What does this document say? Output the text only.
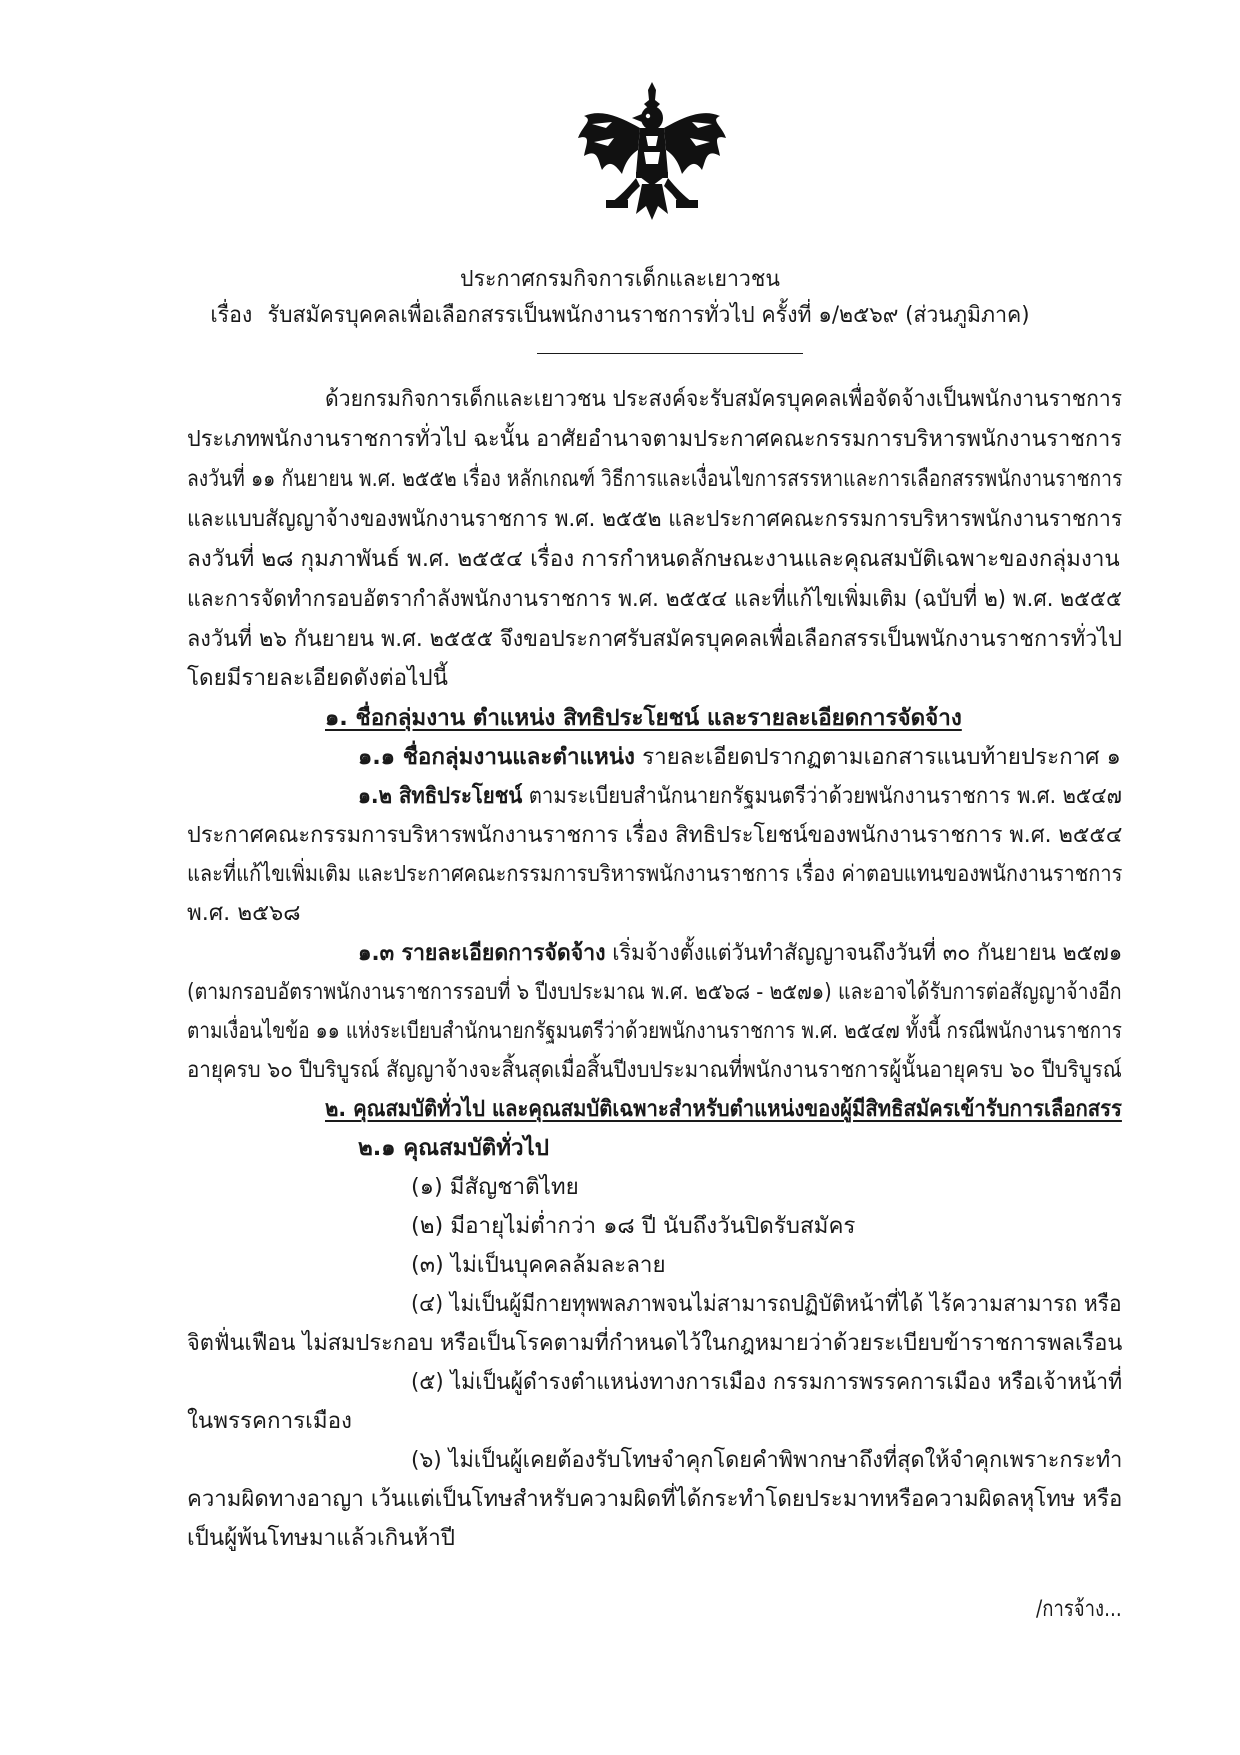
ประกาศกรมกิจการเด็กและเยาวชน
เรื่อง รับสมัครบุคคลเพื่อเลือกสรรเป็นพนักงานราชการทั่วไป ครั้งที่ ๑/๒๕๖๙ (ส่วนภูมิภาค)
ด้วยกรมกิจการเด็กและเยาวชน ประสงค์จะรับสมัครบุคคลเพื่อจัดจ้างเป็นพนักงานราชการ
ประเภทพนักงานราชการทั่วไป ฉะนั้น อาศัยอำนาจตามประกาศคณะกรรมการบริหารพนักงานราชการ
ลงวันที่ ๑๑ กันยายน พ.ศ. ๒๕๕๒ เรื่อง หลักเกณฑ์ วิธีการและเงื่อนไขการสรรหาและการเลือกสรรพนักงานราชการ
และแบบสัญญาจ้างของพนักงานราชการ พ.ศ. ๒๕๕๒ และประกาศคณะกรรมการบริหารพนักงานราชการ
ลงวันที่ ๒๘ กุมภาพันธ์ พ.ศ. ๒๕๕๔ เรื่อง การกำหนดลักษณะงานและคุณสมบัติเฉพาะของกลุ่มงาน
และการจัดทำกรอบอัตรากำลังพนักงานราชการ พ.ศ. ๒๕๕๔ และที่แก้ไขเพิ่มเติม (ฉบับที่ ๒) พ.ศ. ๒๕๕๕
ลงวันที่ ๒๖ กันยายน พ.ศ. ๒๕๕๕ จึงขอประกาศรับสมัครบุคคลเพื่อเลือกสรรเป็นพนักงานราชการทั่วไป
โดยมีรายละเอียดดังต่อไปนี้
๑. ชื่อกลุ่มงาน ตำแหน่ง สิทธิประโยชน์ และรายละเอียดการจัดจ้าง
๑.๑ ชื่อกลุ่มงานและตำแหน่ง รายละเอียดปรากฏตามเอกสารแนบท้ายประกาศ ๑
๑.๒ สิทธิประโยชน์ ตามระเบียบสำนักนายกรัฐมนตรีว่าด้วยพนักงานราชการ พ.ศ. ๒๕๔๗
ประกาศคณะกรรมการบริหารพนักงานราชการ เรื่อง สิทธิประโยชน์ของพนักงานราชการ พ.ศ. ๒๕๕๔
และที่แก้ไขเพิ่มเติม และประกาศคณะกรรมการบริหารพนักงานราชการ เรื่อง ค่าตอบแทนของพนักงานราชการ
พ.ศ. ๒๕๖๘
๑.๓ รายละเอียดการจัดจ้าง เริ่มจ้างตั้งแต่วันทำสัญญาจนถึงวันที่ ๓๐ กันยายน ๒๕๗๑
(ตามกรอบอัตราพนักงานราชการรอบที่ ๖ ปีงบประมาณ พ.ศ. ๒๕๖๘ - ๒๕๗๑) และอาจได้รับการต่อสัญญาจ้างอีก
ตามเงื่อนไขข้อ ๑๑ แห่งระเบียบสำนักนายกรัฐมนตรีว่าด้วยพนักงานราชการ พ.ศ. ๒๕๔๗ ทั้งนี้ กรณีพนักงานราชการ
อายุครบ ๖๐ ปีบริบูรณ์ สัญญาจ้างจะสิ้นสุดเมื่อสิ้นปีงบประมาณที่พนักงานราชการผู้นั้นอายุครบ ๖๐ ปีบริบูรณ์
๒. คุณสมบัติทั่วไป และคุณสมบัติเฉพาะสำหรับตำแหน่งของผู้มีสิทธิสมัครเข้ารับการเลือกสรร
๒.๑ คุณสมบัติทั่วไป
(๑) มีสัญชาติไทย
(๒) มีอายุไม่ต่ำกว่า ๑๘ ปี นับถึงวันปิดรับสมัคร
(๓) ไม่เป็นบุคคลล้มละลาย
(๔) ไม่เป็นผู้มีกายทุพพลภาพจนไม่สามารถปฏิบัติหน้าที่ได้ ไร้ความสามารถ หรือ
จิตฟั่นเฟือน ไม่สมประกอบ หรือเป็นโรคตามที่กำหนดไว้ในกฎหมายว่าด้วยระเบียบข้าราชการพลเรือน
(๕) ไม่เป็นผู้ดำรงตำแหน่งทางการเมือง กรรมการพรรคการเมือง หรือเจ้าหน้าที่
ในพรรคการเมือง
(๖) ไม่เป็นผู้เคยต้องรับโทษจำคุกโดยคำพิพากษาถึงที่สุดให้จำคุกเพราะกระทำ
ความผิดทางอาญา เว้นแต่เป็นโทษสำหรับความผิดที่ได้กระทำโดยประมาทหรือความผิดลหุโทษ หรือ
เป็นผู้พ้นโทษมาแล้วเกินห้าปี
/การจ้าง...
